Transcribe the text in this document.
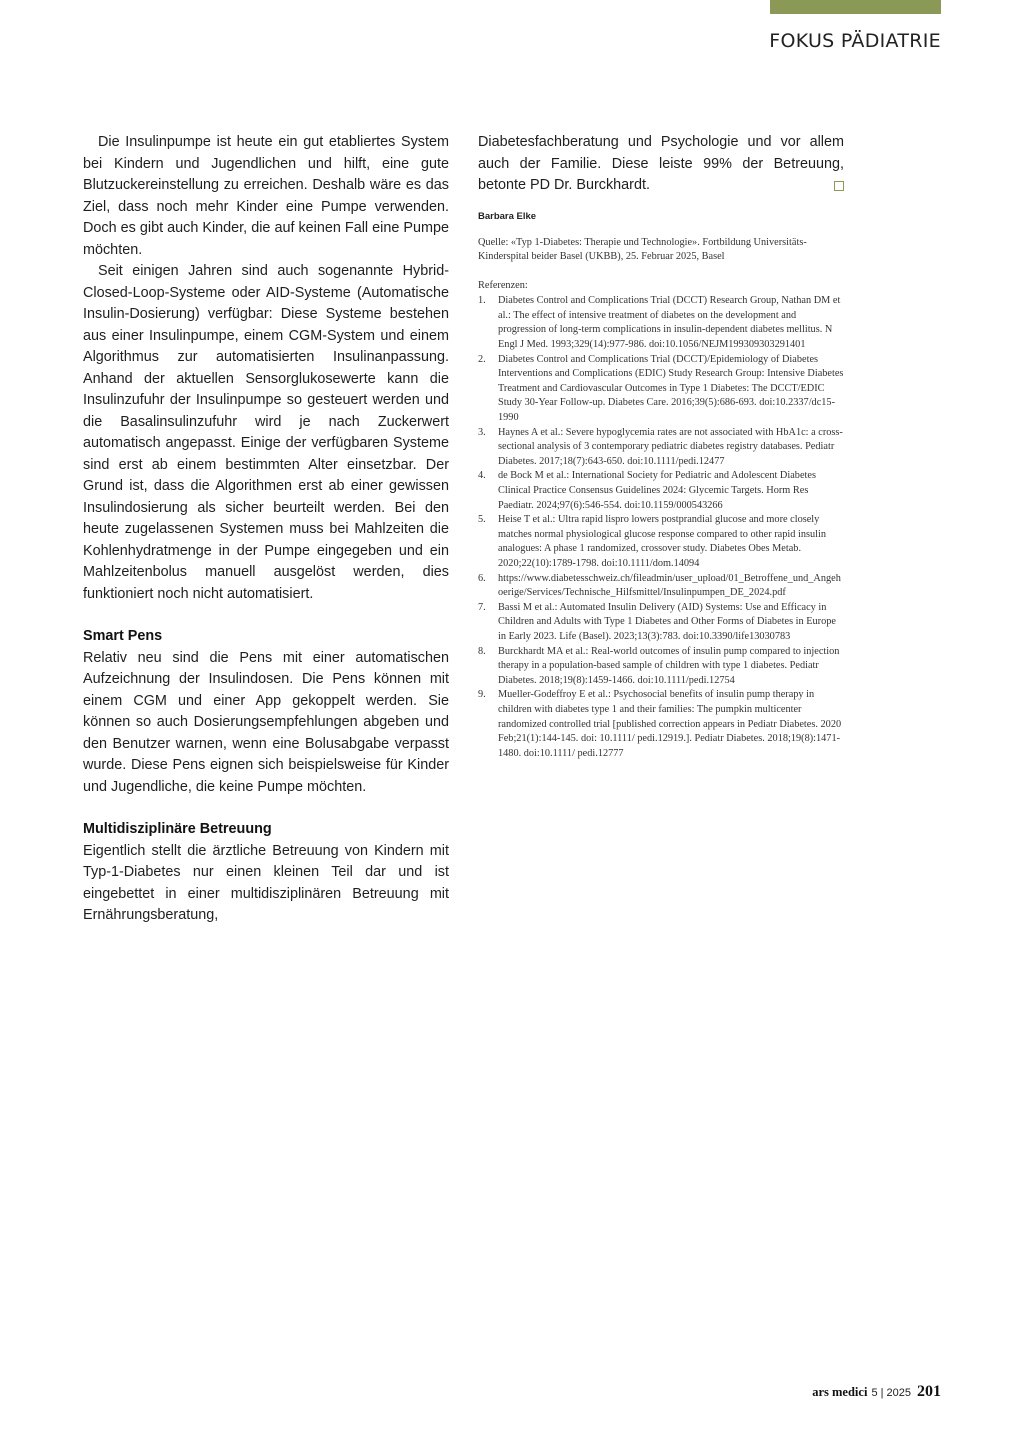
FOKUS PÄDIATRIE

Die Insulinpumpe ist heute ein gut etabliertes System bei Kindern und Jugendlichen und hilft, eine gute Blutzuckereinstellung zu erreichen. Deshalb wäre es das Ziel, dass noch mehr Kinder eine Pumpe verwenden. Doch es gibt auch Kinder, die auf keinen Fall eine Pumpe möchten.

Seit einigen Jahren sind auch sogenannte Hybrid-Closed-Loop-Systeme oder AID-Systeme (Automatische Insulin-Dosierung) verfügbar: Diese Systeme bestehen aus einer Insulinpumpe, einem CGM-System und einem Algorithmus zur automatisierten Insulinanpassung. Anhand der aktuellen Sensorglukosewerte kann die Insulinzufuhr der Insulinpumpe so gesteuert werden und die Basalinsulinzufuhr wird je nach Zuckerwert automatisch angepasst. Einige der verfügbaren Systeme sind erst ab einem bestimmten Alter einsetzbar. Der Grund ist, dass die Algorithmen erst ab einer gewissen Insulindosierung als sicher beurteilt werden. Bei den heute zugelassenen Systemen muss bei Mahlzeiten die Kohlenhydratmenge in der Pumpe eingegeben und ein Mahlzeitenbolus manuell ausgelöst werden, dies funktioniert noch nicht automatisiert.

Smart Pens

Relativ neu sind die Pens mit einer automatischen Aufzeichnung der Insulindosen. Die Pens können mit einem CGM und einer App gekoppelt werden. Sie können so auch Dosierungsempfehlungen abgeben und den Benutzer warnen, wenn eine Bolusabgabe verpasst wurde. Diese Pens eignen sich beispielsweise für Kinder und Jugendliche, die keine Pumpe möchten.

Multidisziplinäre Betreuung

Eigentlich stellt die ärztliche Betreuung von Kindern mit Typ-1-Diabetes nur einen kleinen Teil dar und ist eingebettet in einer multidisziplinären Betreuung mit Ernährungsberatung,

Diabetesfachberatung und Psychologie und vor allem auch der Familie. Diese leiste 99% der Betreuung, betonte PD Dr. Burckhardt.

Barbara Elke
Quelle: «Typ 1-Diabetes: Therapie und Technologie». Fortbildung Universitäts-Kinderspital beider Basel (UKBB), 25. Februar 2025, Basel
Referenzen:
1. Diabetes Control and Complications Trial (DCCT) Research Group, Nathan DM et al.: The effect of intensive treatment of diabetes on the development and progression of long-term complications in insulin-dependent diabetes mellitus. N Engl J Med. 1993;329(14):977-986. doi:10.1056/NEJM199309303291401
2. Diabetes Control and Complications Trial (DCCT)/Epidemiology of Diabetes Interventions and Complications (EDIC) Study Research Group: Intensive Diabetes Treatment and Cardiovascular Outcomes in Type 1 Diabetes: The DCCT/EDIC Study 30-Year Follow-up. Diabetes Care. 2016;39(5):686-693. doi:10.2337/dc15-1990
3. Haynes A et al.: Severe hypoglycemia rates are not associated with HbA1c: a cross-sectional analysis of 3 contemporary pediatric diabetes registry databases. Pediatr Diabetes. 2017;18(7):643-650. doi:10.1111/pedi.12477
4. de Bock M et al.: International Society for Pediatric and Adolescent Diabetes Clinical Practice Consensus Guidelines 2024: Glycemic Targets. Horm Res Paediatr. 2024;97(6):546-554. doi:10.1159/000543266
5. Heise T et al.: Ultra rapid lispro lowers postprandial glucose and more closely matches normal physiological glucose response compared to other rapid insulin analogues: A phase 1 randomized, crossover study. Diabetes Obes Metab. 2020;22(10):1789-1798. doi:10.1111/dom.14094
6. https://www.diabetesschweiz.ch/fileadmin/user_upload/01_Betroffene_und_Angehoerige/Services/Technische_Hilfsmittel/Insulinpumpen_DE_2024.pdf
7. Bassi M et al.: Automated Insulin Delivery (AID) Systems: Use and Efficacy in Children and Adults with Type 1 Diabetes and Other Forms of Diabetes in Europe in Early 2023. Life (Basel). 2023;13(3):783. doi:10.3390/life13030783
8. Burckhardt MA et al.: Real-world outcomes of insulin pump compared to injection therapy in a population-based sample of children with type 1 diabetes. Pediatr Diabetes. 2018;19(8):1459-1466. doi:10.1111/pedi.12754
9. Mueller-Godeffroy E et al.: Psychosocial benefits of insulin pump therapy in children with diabetes type 1 and their families: The pumpkin multicenter randomized controlled trial [published correction appears in Pediatr Diabetes. 2020 Feb;21(1):144-145. doi: 10.1111/ pedi.12919.]. Pediatr Diabetes. 2018;19(8):1471-1480. doi:10.1111/ pedi.12777
ars medici 5 | 2025 201
